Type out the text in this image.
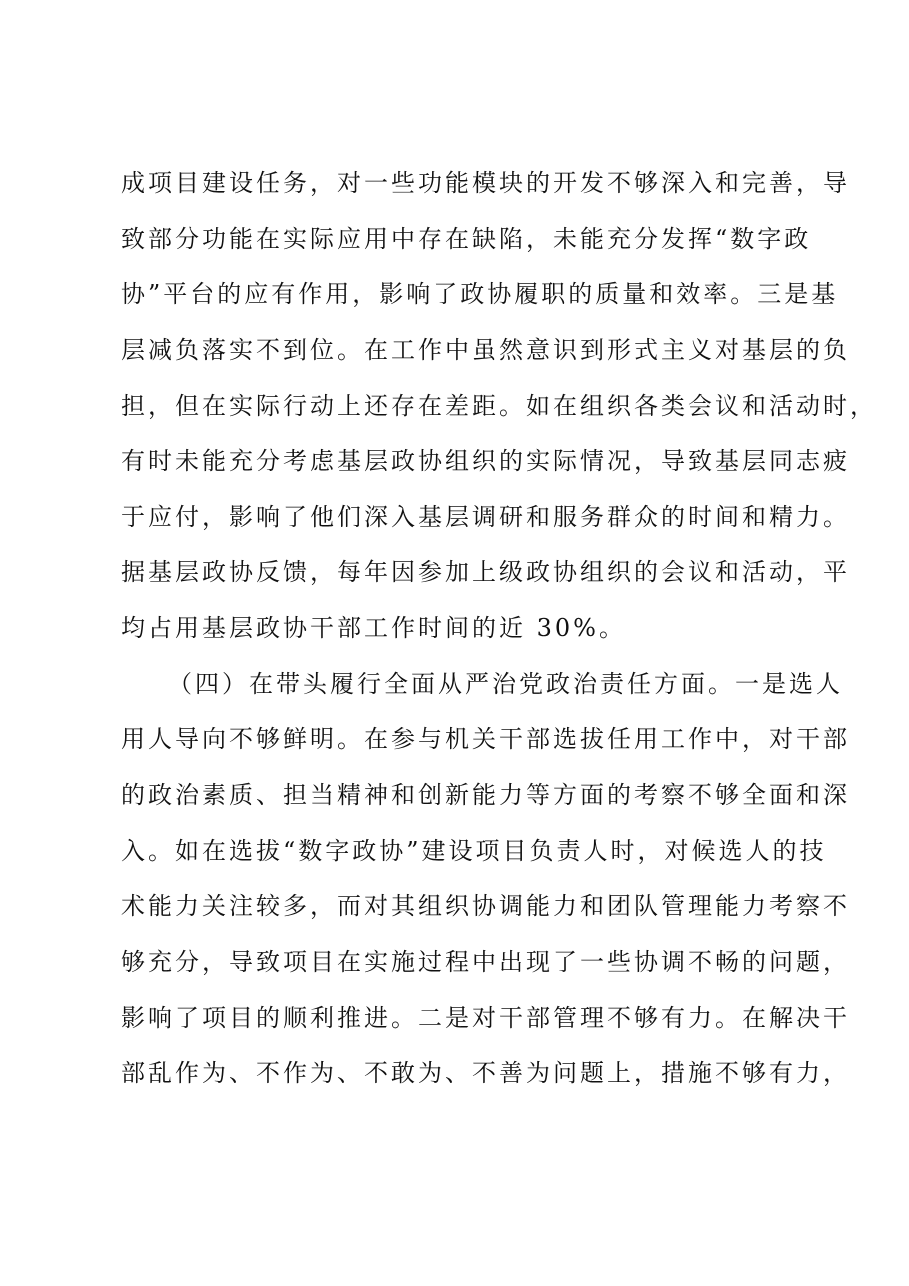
成项目建设任务，对一些功能模块的开发不够深入和完善，导
致部分功能在实际应用中存在缺陷，未能充分发挥“数字政
协”平台的应有作用，影响了政协履职的质量和效率。三是基
层减负落实不到位。在工作中虽然意识到形式主义对基层的负
担，但在实际行动上还存在差距。如在组织各类会议和活动时，
有时未能充分考虑基层政协组织的实际情况，导致基层同志疲
于应付，影响了他们深入基层调研和服务群众的时间和精力。
据基层政协反馈，每年因参加上级政协组织的会议和活动，平
均占用基层政协干部工作时间的近 30%。
（四）在带头履行全面从严治党政治责任方面。一是选人
用人导向不够鲜明。在参与机关干部选拔任用工作中，对干部
的政治素质、担当精神和创新能力等方面的考察不够全面和深
入。如在选拔“数字政协”建设项目负责人时，对候选人的技
术能力关注较多，而对其组织协调能力和团队管理能力考察不
够充分，导致项目在实施过程中出现了一些协调不畅的问题，
影响了项目的顺利推进。二是对干部管理不够有力。在解决干
部乱作为、不作为、不敢为、不善为问题上，措施不够有力，
